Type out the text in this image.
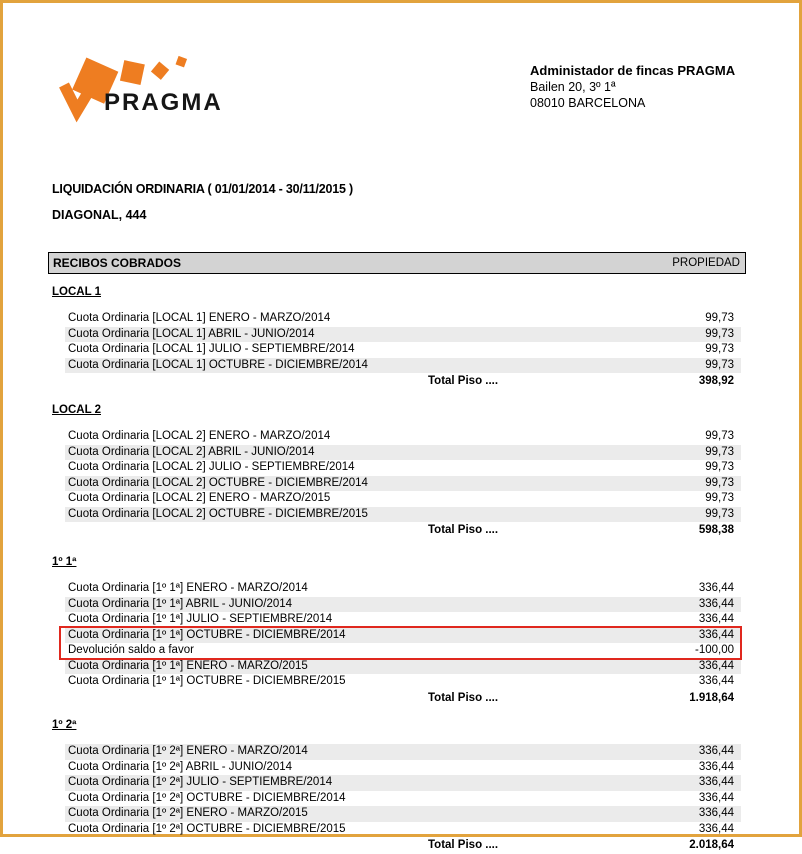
PRAGMA
Administador de fincas PRAGMA
Bailen 20, 3º 1ª
08010 BARCELONA
LIQUIDACIÓN ORDINARIA ( 01/01/2014 - 30/11/2015 )
DIAGONAL, 444
RECIBOS COBRADOS	PROPIEDAD
LOCAL 1
Cuota Ordinaria [LOCAL 1] ENERO - MARZO/2014	99,73
Cuota Ordinaria [LOCAL 1] ABRIL - JUNIO/2014	99,73
Cuota Ordinaria [LOCAL 1] JULIO - SEPTIEMBRE/2014	99,73
Cuota Ordinaria [LOCAL 1] OCTUBRE - DICIEMBRE/2014	99,73
Total Piso ....	398,92
LOCAL 2
Cuota Ordinaria [LOCAL 2] ENERO - MARZO/2014	99,73
Cuota Ordinaria [LOCAL 2] ABRIL - JUNIO/2014	99,73
Cuota Ordinaria [LOCAL 2] JULIO - SEPTIEMBRE/2014	99,73
Cuota Ordinaria [LOCAL 2] OCTUBRE - DICIEMBRE/2014	99,73
Cuota Ordinaria [LOCAL 2] ENERO - MARZO/2015	99,73
Cuota Ordinaria [LOCAL 2] OCTUBRE - DICIEMBRE/2015	99,73
Total Piso ....	598,38
1º 1ª
Cuota Ordinaria [1º 1ª] ENERO - MARZO/2014	336,44
Cuota Ordinaria [1º 1ª] ABRIL - JUNIO/2014	336,44
Cuota Ordinaria [1º 1ª] JULIO - SEPTIEMBRE/2014	336,44
Cuota Ordinaria [1º 1ª] OCTUBRE - DICIEMBRE/2014	336,44
Devolución saldo a favor	-100,00
Cuota Ordinaria [1º 1ª] ENERO - MARZO/2015	336,44
Cuota Ordinaria [1º 1ª] OCTUBRE - DICIEMBRE/2015	336,44
Total Piso ....	1.918,64
1º 2ª
Cuota Ordinaria [1º 2ª] ENERO - MARZO/2014	336,44
Cuota Ordinaria [1º 2ª] ABRIL - JUNIO/2014	336,44
Cuota Ordinaria [1º 2ª] JULIO - SEPTIEMBRE/2014	336,44
Cuota Ordinaria [1º 2ª] OCTUBRE - DICIEMBRE/2014	336,44
Cuota Ordinaria [1º 2ª] ENERO - MARZO/2015	336,44
Cuota Ordinaria [1º 2ª] OCTUBRE - DICIEMBRE/2015	336,44
Total Piso ....	2.018,64
